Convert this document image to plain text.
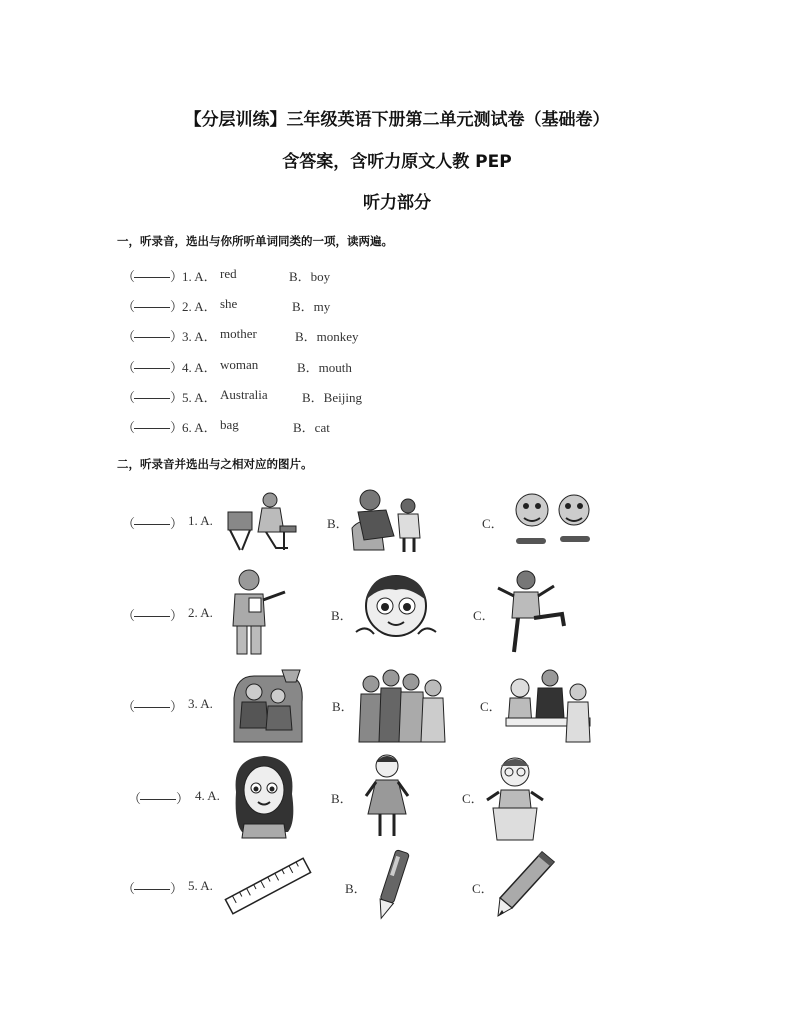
【分层训练】三年级英语下册第二单元测试卷（基础卷）
含答案，含听力原文人教 PEP
听力部分
一，听录音，选出与你所听单词同类的一项，读两遍。
（	）
1. A． red	B．boy
（	）
2. A． she	B．my
（	）
3. A． mother	B．monkey
（	）
4. A． woman	B．mouth
（	）
5. A． Australia	B．Beijing
（	）
6. A． bag	B．cat
二，听录音并选出与之相对应的图片。
（	） 1. A.	B．	C．
（	） 2. A.	B．	C．
（	） 3. A.	B．	C．
（	） 4. A.	B．	C．
（	） 5. A.	B．	C．
